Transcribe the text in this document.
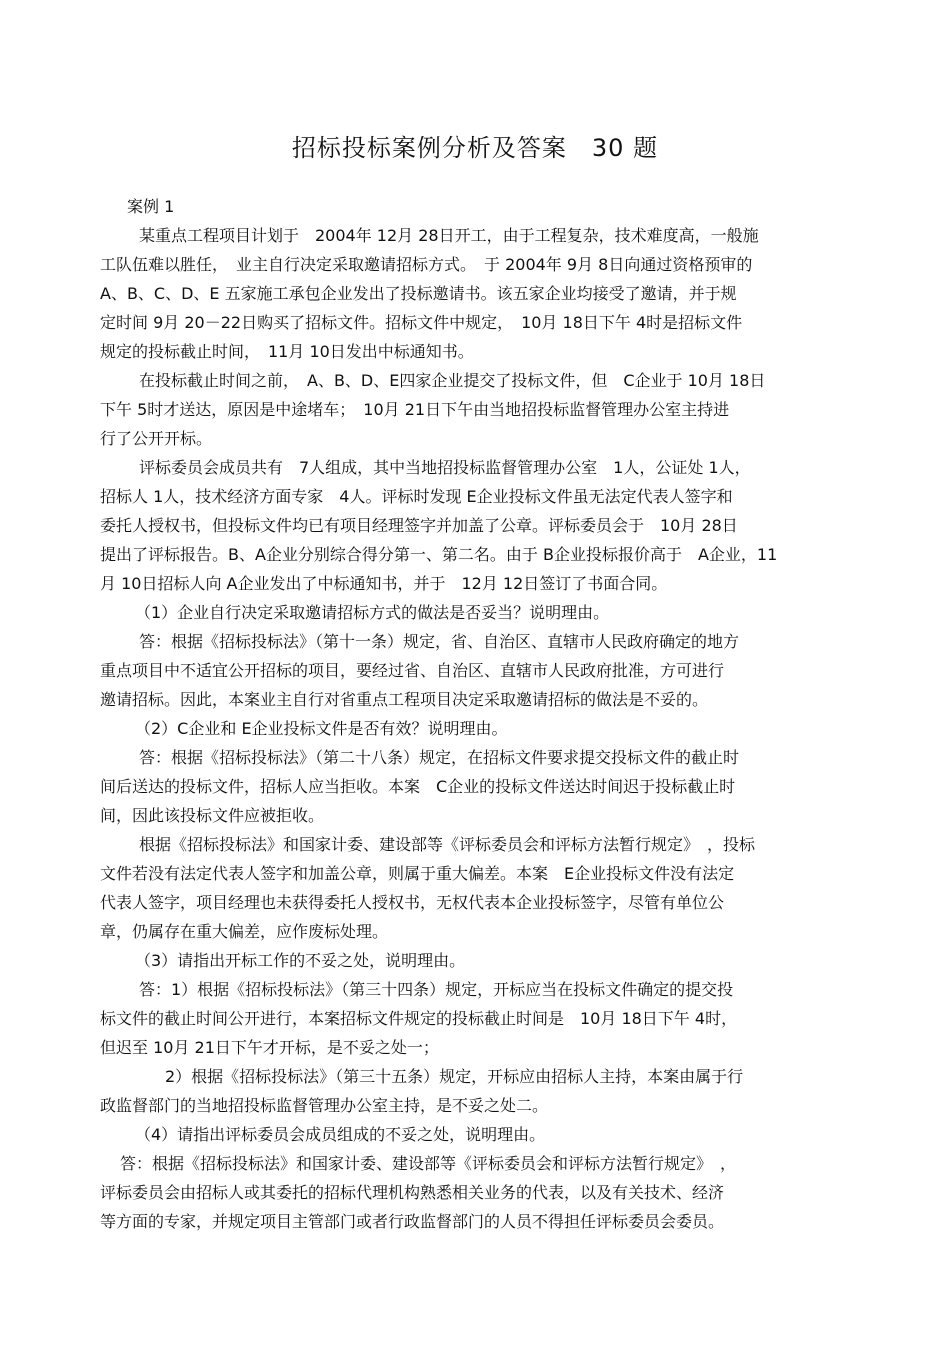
招标投标案例分析及答案　30 题
案例 1
某重点工程项目计划于　2004年 12月 28日开工，由于工程复杂，技术难度高，一般施
工队伍难以胜任，　业主自行决定采取邀请招标方式。　于 2004年 9月 8日向通过资格预审的
A、B、C、D、E 五家施工承包企业发出了投标邀请书。该五家企业均接受了邀请，并于规
定时间 9月 20－22日购买了招标文件。招标文件中规定，　10月 18日下午 4时是招标文件
规定的投标截止时间，　11月 10日发出中标通知书。
在投标截止时间之前，　A、B、D、E四家企业提交了投标文件，但　C企业于 10月 18日
下午 5时才送达，原因是中途堵车；　10月 21日下午由当地招投标监督管理办公室主持进
行了公开开标。
评标委员会成员共有　7人组成，其中当地招投标监督管理办公室　1人，公证处 1人，
招标人 1人，技术经济方面专家　4人。评标时发现 E企业投标文件虽无法定代表人签字和
委托人授权书，但投标文件均已有项目经理签字并加盖了公章。评标委员会于　10月 28日
提出了评标报告。B、A企业分别综合得分第一、第二名。由于 B企业投标报价高于　A企业，11
月 10日招标人向 A企业发出了中标通知书，并于　12月 12日签订了书面合同。
（1）企业自行决定采取邀请招标方式的做法是否妥当？说明理由。
答：根据《招标投标法》（第十一条）规定，省、自治区、直辖市人民政府确定的地方
重点项目中不适宜公开招标的项目，要经过省、自治区、直辖市人民政府批准，方可进行
邀请招标。因此，本案业主自行对省重点工程项目决定采取邀请招标的做法是不妥的。
（2）C企业和 E企业投标文件是否有效？说明理由。
答：根据《招标投标法》（第二十八条）规定，在招标文件要求提交投标文件的截止时
间后送达的投标文件，招标人应当拒收。本案　C企业的投标文件送达时间迟于投标截止时
间，因此该投标文件应被拒收。
根据《招标投标法》和国家计委、建设部等《评标委员会和评标方法暂行规定》　，投标
文件若没有法定代表人签字和加盖公章，则属于重大偏差。本案　E企业投标文件没有法定
代表人签字，项目经理也未获得委托人授权书，无权代表本企业投标签字，尽管有单位公
章，仍属存在重大偏差，应作废标处理。
（3）请指出开标工作的不妥之处，说明理由。
答：1）根据《招标投标法》（第三十四条）规定，开标应当在投标文件确定的提交投
标文件的截止时间公开进行，本案招标文件规定的投标截止时间是　10月 18日下午 4时，
但迟至 10月 21日下午才开标，是不妥之处一；
2）根据《招标投标法》（第三十五条）规定，开标应由招标人主持，本案由属于行
政监督部门的当地招投标监督管理办公室主持，是不妥之处二。
（4）请指出评标委员会成员组成的不妥之处，说明理由。
答：根据《招标投标法》和国家计委、建设部等《评标委员会和评标方法暂行规定》　，
评标委员会由招标人或其委托的招标代理机构熟悉相关业务的代表，以及有关技术、经济
等方面的专家，并规定项目主管部门或者行政监督部门的人员不得担任评标委员会委员。
